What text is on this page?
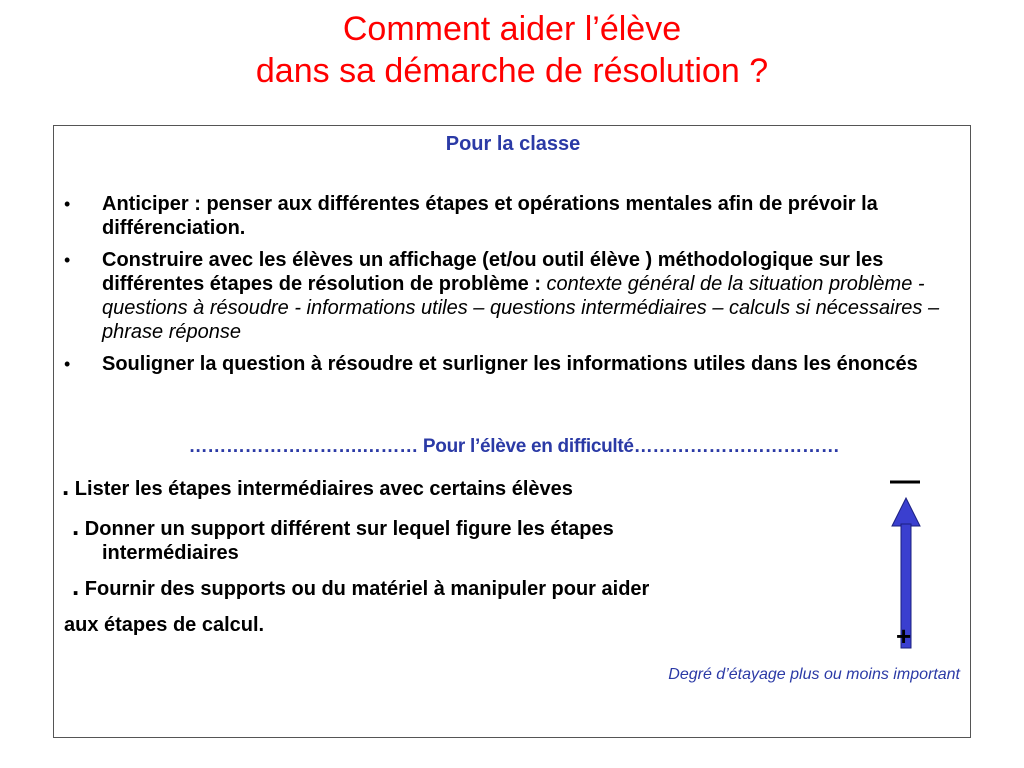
Comment aider l’élève
dans sa démarche de résolution ?
Pour la classe
• Anticiper : penser aux différentes étapes et opérations mentales afin de prévoir la différenciation.
• Construire avec les élèves un affichage (et/ou outil élève ) méthodologique sur les différentes étapes de résolution de problème : contexte général de la situation problème - questions à résoudre - informations utiles – questions intermédiaires – calculs si nécessaires – phrase réponse
• Souligner la question à résoudre et surligner les informations utiles dans les énoncés
……………………….……… Pour l’élève en difficulté……………………………
. Lister les étapes intermédiaires avec certains élèves
. Donner un support différent sur lequel figure les étapes
intermédiaires
. Fournir des supports ou du matériel à manipuler pour aider
aux étapes de calcul.
—
+
Degré d’étayage plus ou moins important
